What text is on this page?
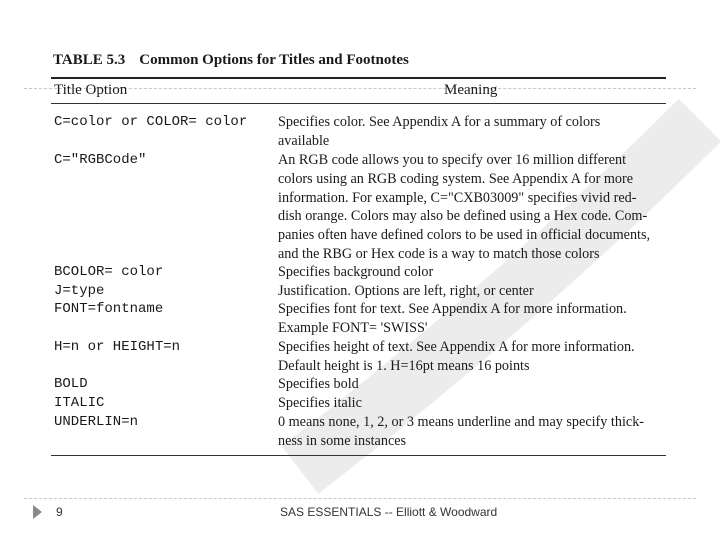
TABLE 5.3 Common Options for Titles and Footnotes
Title Option	Meaning
C=color or COLOR= color	Specifies color. See Appendix A for a summary of colors
available
C="RGBCode"	An RGB code allows you to specify over 16 million different
colors using an RGB coding system. See Appendix A for more
information. For example, C="CXB03009" specifies vivid red-
dish orange. Colors may also be defined using a Hex code. Com-
panies often have defined colors to be used in official documents,
and the RBG or Hex code is a way to match those colors
BCOLOR= color	Specifies background color
J=type	Justification. Options are left, right, or center
FONT=fontname	Specifies font for text. See Appendix A for more information.
Example FONT= 'SWISS'
H=n or HEIGHT=n	Specifies height of text. See Appendix A for more information.
Default height is 1. H=16pt means 16 points
BOLD	Specifies bold
ITALIC	Specifies italic
UNDERLIN=n	0 means none, 1, 2, or 3 means underline and may specify thick-
ness in some instances
9	SAS ESSENTIALS -- Elliott & Woodward
